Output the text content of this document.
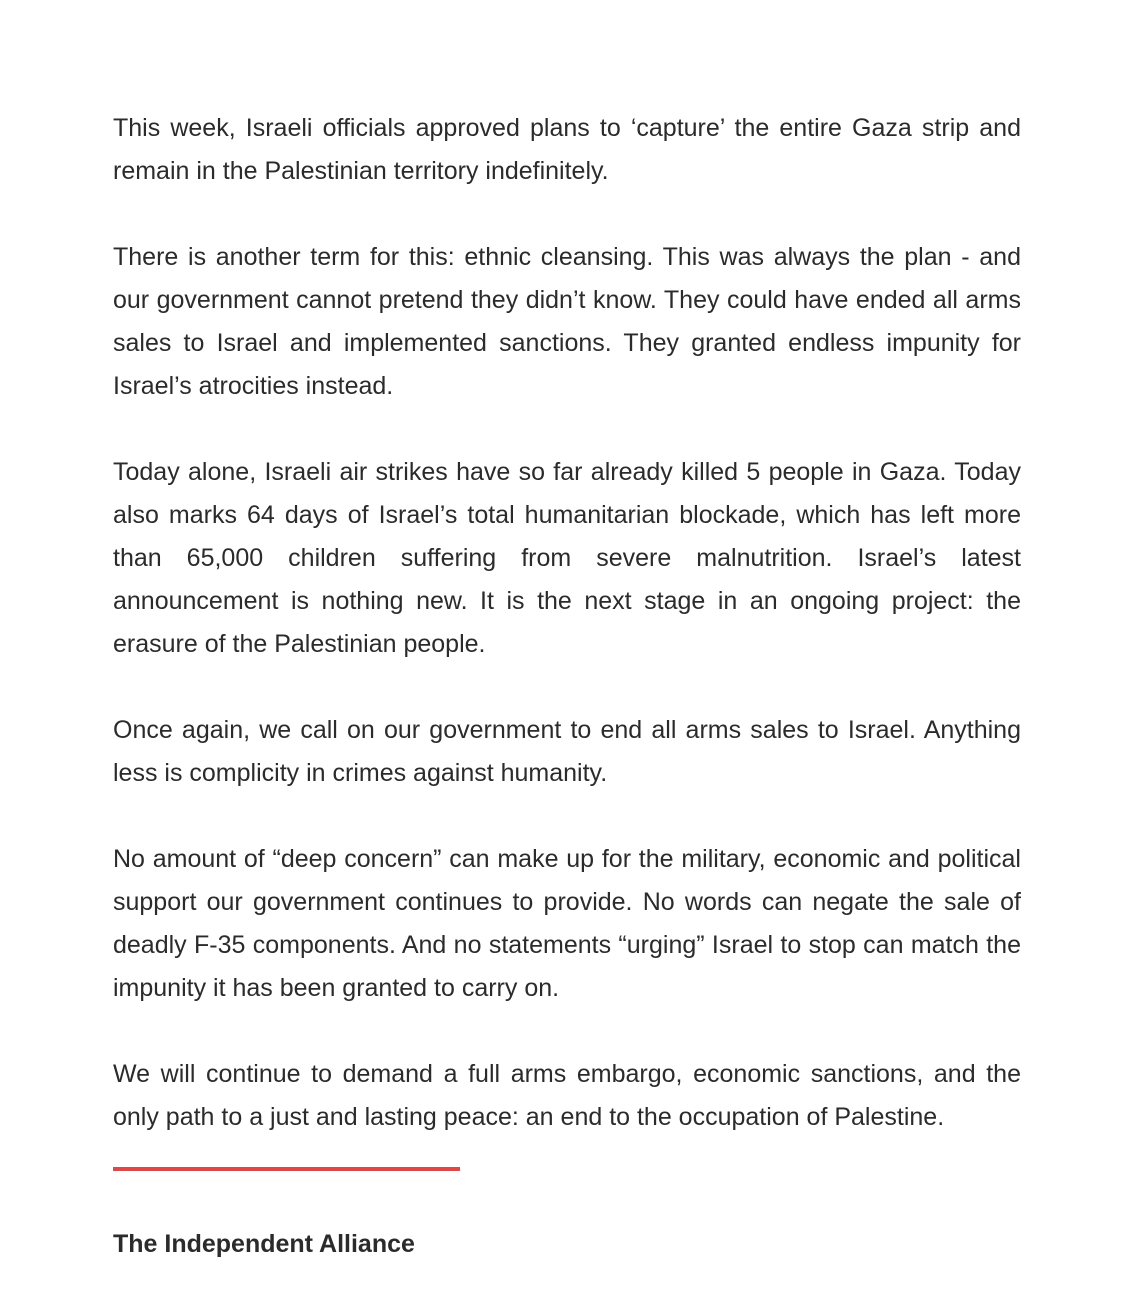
This week, Israeli officials approved plans to ‘capture’ the entire Gaza strip and remain in the Palestinian territory indefinitely.

There is another term for this: ethnic cleansing. This was always the plan - and our government cannot pretend they didn’t know. They could have ended all arms sales to Israel and implemented sanctions. They granted endless impunity for Israel’s atrocities instead.

Today alone, Israeli air strikes have so far already killed 5 people in Gaza. Today also marks 64 days of Israel’s total humanitarian blockade, which has left more than 65,000 children suffering from severe malnutrition. Israel’s latest announcement is nothing new. It is the next stage in an ongoing project: the erasure of the Palestinian people.

Once again, we call on our government to end all arms sales to Israel. Anything less is complicity in crimes against humanity.

No amount of “deep concern” can make up for the military, economic and political support our government continues to provide. No words can negate the sale of deadly F-35 components. And no statements “urging” Israel to stop can match the impunity it has been granted to carry on.

We will continue to demand a full arms embargo, economic sanctions, and the only path to a just and lasting peace: an end to the occupation of Palestine.

The Independent Alliance
